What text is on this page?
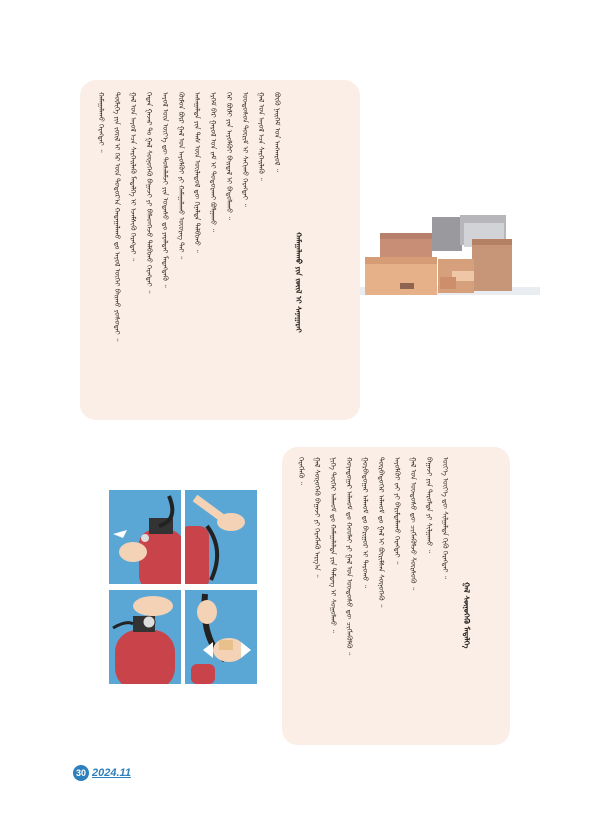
ᠬᠠᠮᠠᠭᠠᠯᠠᠬᠤ ᠬᠡᠷᠡᠭᠲᠡᠢ ᠃ ᠲᠦᠯᠢᠭᠡ ᠶᠢᠨ ᠵᠦᠢᠯ ᠢ ᠭᠡᠷ ᠦᠨ ᠳᠣᠲᠣᠷ᠎ᠠ ᠬᠠᠳᠠᠭᠠᠯᠠᠬᠤ ᠳᠤ ᠠᠶᠤᠯ ᠦᠬᠡᠢ ᠪᠠᠢᠬᠤ ᠶᠣᠰᠣᠲᠠᠢ ᠃ ᠭᠠᠯ ᠤᠨ ᠠᠶᠤᠯ ᠡᠴᠡ ᠰᠡᠷᠭᠡᠢᠯᠡᠬᠦ ᠮᠡᠳᠡᠯᠭᠡ ᠢ ᠡᠵᠡᠮᠰᠢᠬᠦ ᠬᠡᠷᠡᠭᠲᠡᠢ ᠃ ᠬᠡᠳᠡᠨ ᠭᠠᠵᠠᠷ ᠲᠤ ᠭᠠᠯ ᠰᠥᠨᠦᠭᠡᠬᠦ ᠪᠠᠭᠠᠵᠢ ᠶᠢ ᠪᠡᠯᠡᠳᠬᠡᠵᠦ ᠲᠠᠯᠪᠢᠬᠤ ᠬᠡᠷᠡᠭᠲᠡᠢ ᠃ ᠠᠶᠤᠯ ᠦᠨ ᠦᠶ᠎ᠡ ᠳᠦ ᠲᠤᠰᠠᠯᠠᠮᠵᠢ ᠶᠢᠨ ᠤᠲᠠᠰᠤ ᠳᠤ ᠶᠠᠷᠠᠯᠲᠠᠢ ᠮᠡᠳᠡᠭᠳᠡᠬᠦ ᠃ ᠬᠦᠮᠦᠨ ᠪᠦᠷ ᠭᠠᠯ ᠤᠨ ᠠᠶᠤᠯᠭᠦᠢ ᠶᠢ ᠬᠠᠮᠠᠭᠠᠯᠠᠬᠤ ᠦᠦᠷᠡᠭ ᠲᠡᠢ ᠃ ᠠᠰᠠᠭᠠᠯᠲᠠ ᠶᠢᠨ ᠲᠡᠰ ᠦᠨ ᠦᠢᠯᠡᠳᠦᠯ ᠳᠦ ᠬᠢᠨᠠᠯᠲᠠ ᠲᠠᠯᠪᠢᠬᠤ ᠃ ᠡᠷᠬᠡᠮ ᠪᠡᠷ ᠭᠠᠷᠤᠯ ᠤᠨ ᠵᠠᠮ ᠢ ᠲᠣᠳᠤᠷᠬᠠᠢ ᠪᠣᠯᠭᠠᠬᠤ ᠃ ᠭᠡᠷ ᠪᠦᠯᠢ ᠶᠢᠨ ᠠᠶᠤᠯᠭᠦᠢ ᠪᠠᠢᠳᠠᠯ ᠢ ᠪᠠᠲᠤᠯᠠᠬᠤ ᠃ ᠦᠨᠳᠦᠰᠦᠨ ᠳᠦᠷᠢᠮ ᠢ ᠰᠠᠬᠢᠬᠤ ᠬᠡᠷᠡᠭᠲᠡᠢ ᠃ ᠭᠠᠯ ᠤᠨ ᠠᠶᠤᠯ ᠡᠴᠡ ᠰᠡᠷᠭᠡᠢᠯᠡᠬᠦ ᠃ ᠪᠦᠬᠦ ᠨᠡᠢᠭᠡᠮ ᠤᠨ ᠠᠩᠬᠠᠷᠤᠯ ᠃
ᠬᠠᠮᠠᠭᠠᠯᠠᠬᠤ ᠶᠢᠨ ᠵᠦᠢᠯ ᠢ ᠰᠠᠨᠠᠭᠠᠷᠠᠢ
ᠬᠡᠷᠡᠭᠯᠡᠬᠦ ᠃ ᠭᠠᠯ ᠰᠥᠨᠦᠭᠡᠬᠦ ᠪᠠᠭᠠᠵᠢ ᠶᠢ ᠬᠡᠷᠡᠭᠯᠡᠬᠦ ᠠᠷᠭ᠎ᠠ ᠃ ᠨᠢᠭᠡ ᠳᠦᠭᠡᠷ ᠠᠯᠬᠤᠮ ᠳᠤ ᠬᠠᠮᠠᠭᠠᠯᠠᠯᠲᠠ ᠶᠢᠨ ᠲᠡᠮᠳᠡᠭ ᠢ ᠰᠤᠭᠤᠯᠬᠤ ᠃ ᠬᠣᠶᠠᠳᠤᠭᠠᠷ ᠠᠯᠬᠤᠮ ᠳᠤ ᠬᠣᠣᠯᠠᠢ ᠶᠢ ᠭᠠᠯ ᠤᠨ ᠦᠨᠳᠦᠰᠦ ᠳᠦ ᠴᠢᠭᠯᠡᠭᠦᠯᠬᠦ ᠃ ᠭᠤᠷᠪᠠᠳᠤᠭᠠᠷ ᠠᠯᠬᠤᠮ ᠳᠤ ᠪᠠᠷᠢᠭᠤᠷ ᠢ ᠳᠠᠷᠤᠬᠤ ᠃ ᠳᠥᠷᠪᠡᠳᠦᠭᠡᠷ ᠠᠯᠬᠤᠮ ᠳᠤ ᠭᠠᠯ ᠢ ᠪᠦᠷᠢᠮᠰᠡᠨ ᠰᠥᠨᠦᠭᠡᠬᠦ ᠃ ᠠᠶᠤᠯᠭᠦᠢ ᠵᠠᠢ ᠶᠢ ᠪᠠᠷᠢᠮᠲᠠᠯᠠᠬᠤ ᠬᠡᠷᠡᠭᠲᠡᠢ ᠃ ᠭᠠᠯ ᠤᠨ ᠦᠨᠳᠦᠰᠦ ᠳᠦ ᠴᠢᠭᠯᠡᠭᠦᠯᠵᠦ ᠱᠦᠷᠰᠦᠬᠦ ᠃ ᠪᠠᠭᠠᠵᠢ ᠶᠢᠨ ᠳᠠᠷᠤᠯᠲᠠ ᠶᠢ ᠰᠢᠯᠭᠠᠬᠤ ᠃ ᠦᠶ᠎ᠡ ᠦᠶ᠎ᠡ ᠳᠦ ᠰᠢᠯᠭᠠᠯᠲᠠ ᠬᠢᠬᠦ ᠬᠡᠷᠡᠭᠲᠡᠢ ᠃
ᠭᠠᠯ ᠰᠥᠨᠦᠭᠡᠬᠦ ᠮᠡᠳᠡᠯᠭᠡ
30 2024.11
